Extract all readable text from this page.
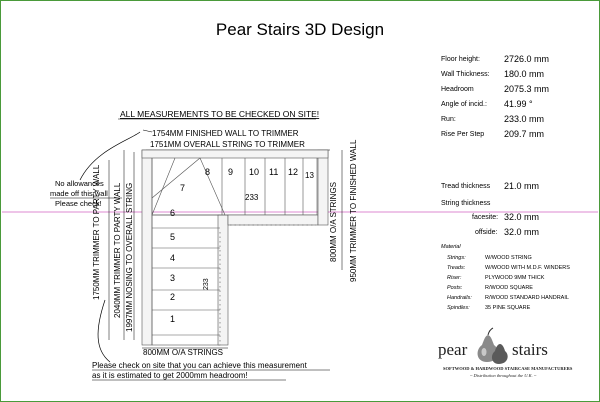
Pear Stairs 3D Design
ALL MEASUREMENTS TO BE CHECKED ON SITE!
1754MM FINISHED WALL TO TRIMMER
1751MM OVERALL STRING TO TRIMMER
No allowances
made off this wall
Please check!
1750MM TRIMMER TO PARTY WALL 2040MM TRIMMER TO PARTY WALL 1997MM NOSING TO OVERALL STRING	1
2
3
4
5
6
7
8 9 10 11 12 13
233
233
800MM O/A STRINGS 950MM TRIMMER TO FINISHED WALL
800MM O/A STRINGS
Please check on site that you can achieve this measurement
as it is estimated to get 2000mm headroom!
Floor height:	2726.0 mm
Wall Thickness: 180.0 mm
Headroom	2075.3 mm
Angle of incid.: 41.99 °
Run:	233.0 mm
Rise Per Step 209.7 mm
Tread thickness 21.0 mm
String thickness
facesite: 32.0 mm
offside: 32.0 mm
Material
Strings:	W/WOOD STRING
Treads:	W/WOOD WITH M.D.F. WINDERS
Riser:	PLYWOOD 9MM THICK
Posts:	R/WOOD SQUARE
Handrails: R/WOOD STANDARD HANDRAIL
Spindles:	35 PINE SQUARE
pear	stairs
SOFTWOOD & HARDWOOD STAIRCASE MANUFACTURERS
~ Distribution throughout the U.K. ~
